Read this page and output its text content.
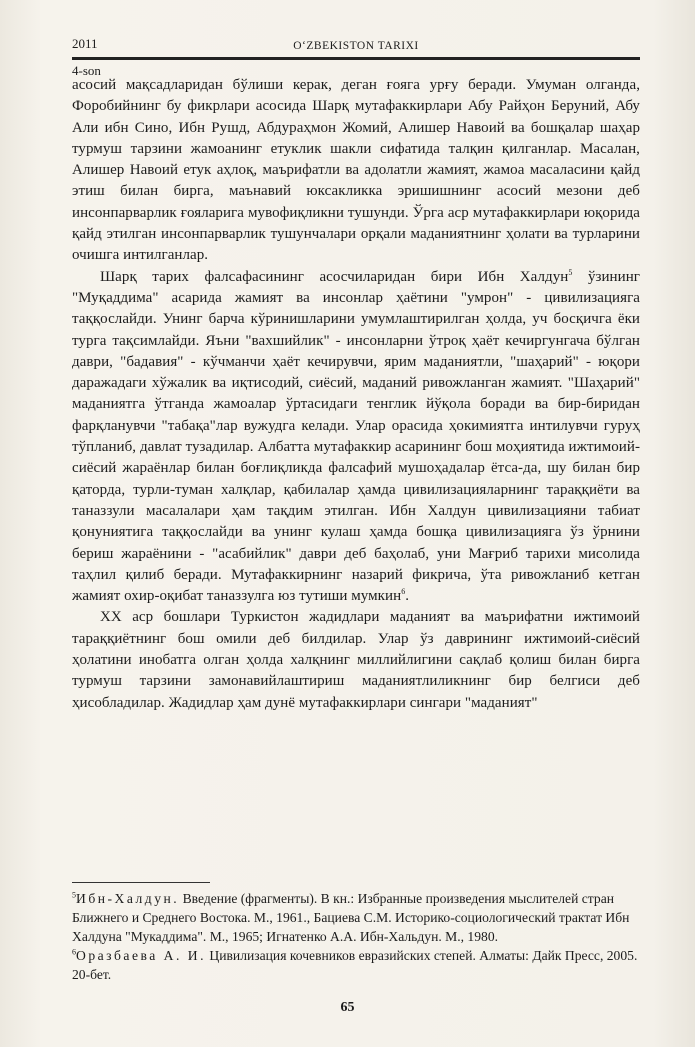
2011	O‘ZBEKISTON TARIXI
4-son

асосий мақсадларидан бўлиши керак, деган ғояга урғу беради. Умуман олганда, Форобийнинг бу фикрлари асосида Шарқ мутафаккирлари Абу Райҳон Беруний, Абу Али ибн Сино, Ибн Рушд, Абдураҳмон Жомий, Алишер Навоий ва бошқалар шаҳар турмуш тарзини жамоанинг етуклик шакли сифатида талқин қилганлар. Масалан, Алишер Навоий етук аҳлоқ, маърифатли ва адолатли жамият, жамоа масаласини қайд этиш билан бирга, маънавий юксакликка эришишнинг асосий мезони деб инсонпарварлик ғояларига мувофиқликни тушунди. Ўрга аср мутафаккирлари юқорида қайд этилган инсонпарварлик тушунчалари орқали маданиятнинг ҳолати ва турларини очишга интилганлар.

Шарқ тарих фалсафасининг асосчиларидан бири Ибн Халдун$^5$ ўзининг "Муқаддима" асарида жамият ва инсонлар ҳаётини "умрон" - цивилизацияга таққослайди. Унинг барча кўринишларини умумлаштирилган ҳолда, уч босқичга ёки турга тақсимлайди. Яъни "вахшийлик" - инсонларни ўтроқ ҳаёт кечиргунгача бўлган даври, "бадавия" - кўчманчи ҳаёт кечирувчи, ярим маданиятли, "шаҳарий" - юқори даражадаги хўжалик ва иқтисодий, сиёсий, маданий ривожланган жамият. "Шаҳарий" маданиятга ўтганда жамоалар ўртасидаги тенглик йўқола боради ва бир-биридан фарқланувчи "табақа"лар вужудга келади. Улар орасида ҳокимиятга интилувчи гуруҳ тўпланиб, давлат тузадилар. Албатта мутафаккир асарининг бош моҳиятида ижтимоий-сиёсий жараёнлар билан боғлиқликда фалсафий мушоҳадалар ётса-да, шу билан бир қаторда, турли-туман халқлар, қабилалар ҳамда цивилизацияларнинг тараққиёти ва таназзули масалалари ҳам тақдим этилган. Ибн Халдун цивилизацияни табиат қонуниятига таққослайди ва унинг кулаш ҳамда бошқа цивилизацияга ўз ўрнини бериш жараёнини - "асабийлик" даври деб баҳолаб, уни Мағриб тарихи мисолида таҳлил қилиб беради. Мутафаккирнинг назарий фикрича, ўта ривожланиб кетган жамият охир-оқибат таназзулга юз тутиши мумкин$^6$.

XX аср бошлари Туркистон жадидлари маданият ва маърифатни ижтимоий тараққиётнинг бош омили деб билдилар. Улар ўз даврининг ижтимоий-сиёсий ҳолатини инобатга олган ҳолда халқнинг миллийлигини сақлаб қолиш билан бирга турмуш тарзини замонавийлаштириш маданиятлиликнинг бир белгиси деб ҳисобладилар. Жадидлар ҳам дунё мутафаккирлари сингари "маданият"

$^5$Ибн-Халдун. Введение (фрагменты). В кн.: Избранные произведения мыслителей стран Ближнего и Среднего Востока. М., 1961., Бациева С.М. Историко-социологический трактат Ибн Халдуна "Мукаддима". М., 1965; Игнатенко А.А. Ибн-Хальдун. М., 1980.

$^6$Оразбаева А. И. Цивилизация кочевников евразийских степей. Алматы: Дайк Пресс, 2005. 20-бет.

65
